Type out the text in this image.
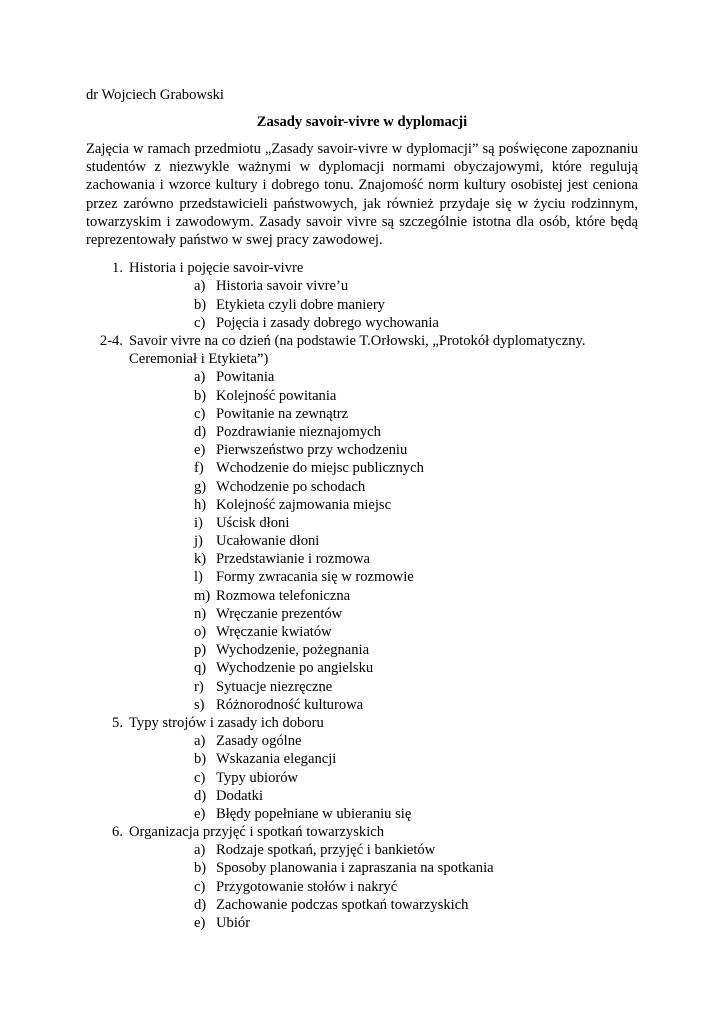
dr Wojciech Grabowski

Zasady savoir-vivre w dyplomacji

Zajęcia w ramach przedmiotu „Zasady savoir-vivre w dyplomacji” są poświęcone zapoznaniu studentów z niezwykle ważnymi w dyplomacji normami obyczajowymi, które regulują zachowania i wzorce kultury i dobrego tonu. Znajomość norm kultury osobistej jest ceniona przez zarówno przedstawicieli państwowych, jak również przydaje się w życiu rodzinnym, towarzyskim i zawodowym. Zasady savoir vivre są szczególnie istotna dla osób, które będą reprezentowały państwo w swej pracy zawodowej.

1. Historia i pojęcie savoir-vivre
a) Historia savoir vivre’u
b) Etykieta czyli dobre maniery
c) Pojęcia i zasady dobrego wychowania
2-4. Savoir vivre na co dzień (na podstawie T.Orłowski, „Protokół dyplomatyczny. Ceremoniał i Etykieta”)
a) Powitania
b) Kolejność powitania
c) Powitanie na zewnątrz
d) Pozdrawianie nieznajomych
e) Pierwszeństwo przy wchodzeniu
f) Wchodzenie do miejsc publicznych
g) Wchodzenie po schodach
h) Kolejność zajmowania miejsc
i) Uścisk dłoni
j) Ucałowanie dłoni
k) Przedstawianie i rozmowa
l) Formy zwracania się w rozmowie
m) Rozmowa telefoniczna
n) Wręczanie prezentów
o) Wręczanie kwiatów
p) Wychodzenie, pożegnania
q) Wychodzenie po angielsku
r) Sytuacje niezręczne
s) Różnorodność kulturowa
5. Typy strojów i zasady ich doboru
a) Zasady ogólne
b) Wskazania elegancji
c) Typy ubiorów
d) Dodatki
e) Błędy popełniane w ubieraniu się
6. Organizacja przyjęć i spotkań towarzyskich
a) Rodzaje spotkań, przyjęć i bankietów
b) Sposoby planowania i zapraszania na spotkania
c) Przygotowanie stołów i nakryć
d) Zachowanie podczas spotkań towarzyskich
e) Ubiór
